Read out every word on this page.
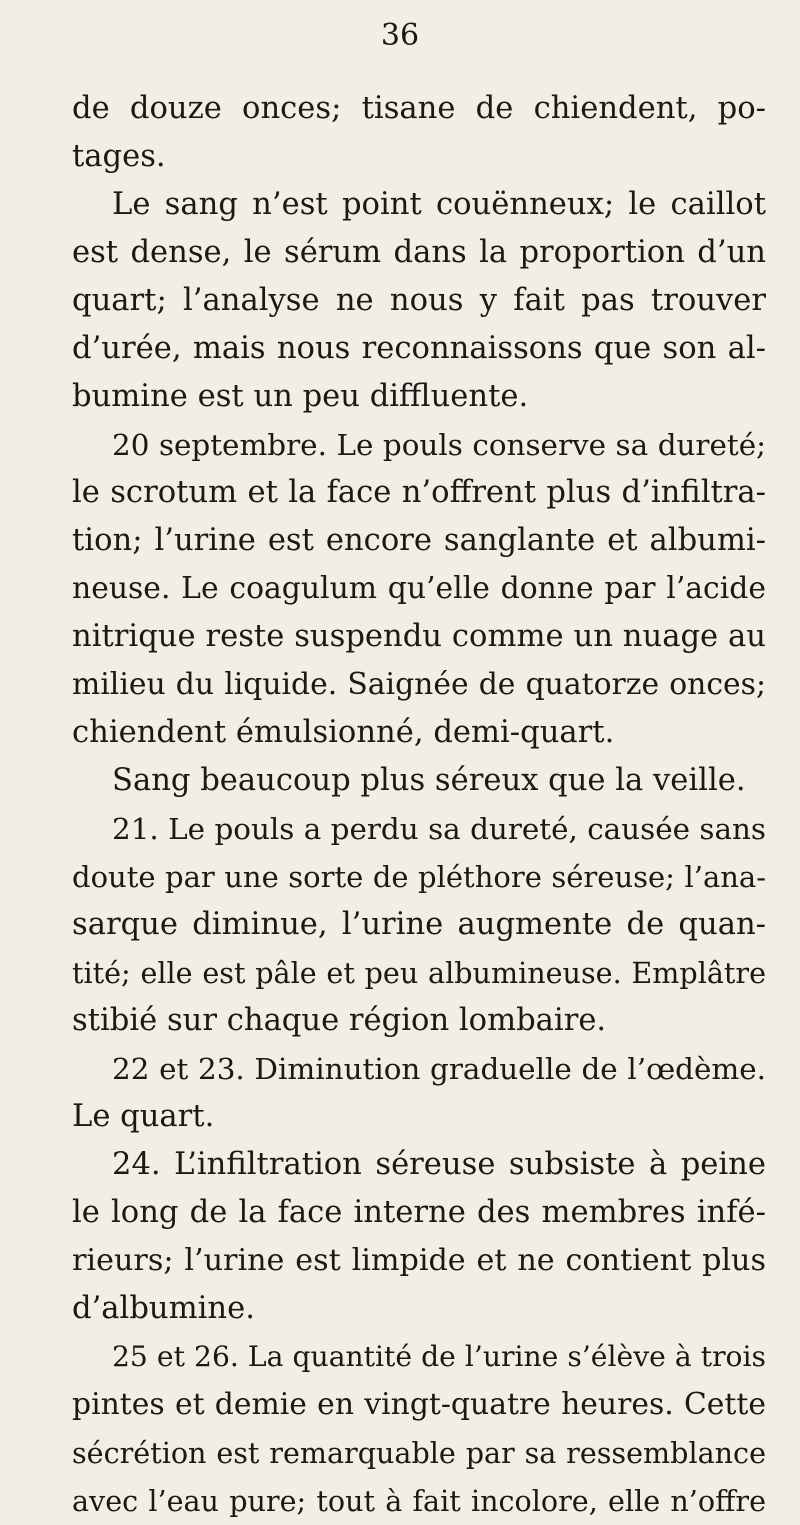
36
de douze onces; tisane de chiendent, po-
tages.
Le sang n’est point couënneux; le caillot
est dense, le sérum dans la proportion d’un
quart; l’analyse ne nous y fait pas trouver
d’urée, mais nous reconnaissons que son al-
bumine est un peu diffluente.
20 septembre. Le pouls conserve sa dureté;
le scrotum et la face n’offrent plus d’infiltra-
tion; l’urine est encore sanglante et albumi-
neuse. Le coagulum qu’elle donne par l’acide
nitrique reste suspendu comme un nuage au
milieu du liquide. Saignée de quatorze onces;
chiendent émulsionné, demi-quart.
Sang beaucoup plus séreux que la veille.
21. Le pouls a perdu sa dureté, causée sans
doute par une sorte de pléthore séreuse; l’ana-
sarque diminue, l’urine augmente de quan-
tité; elle est pâle et peu albumineuse. Emplâtre
stibié sur chaque région lombaire.
22 et 23. Diminution graduelle de l’œdème.
Le quart.
24. L’infiltration séreuse subsiste à peine
le long de la face interne des membres infé-
rieurs; l’urine est limpide et ne contient plus
d’albumine.
25 et 26. La quantité de l’urine s’élève à trois
pintes et demie en vingt-quatre heures. Cette
sécrétion est remarquable par sa ressemblance
avec l’eau pure; tout à fait incolore, elle n’offre
